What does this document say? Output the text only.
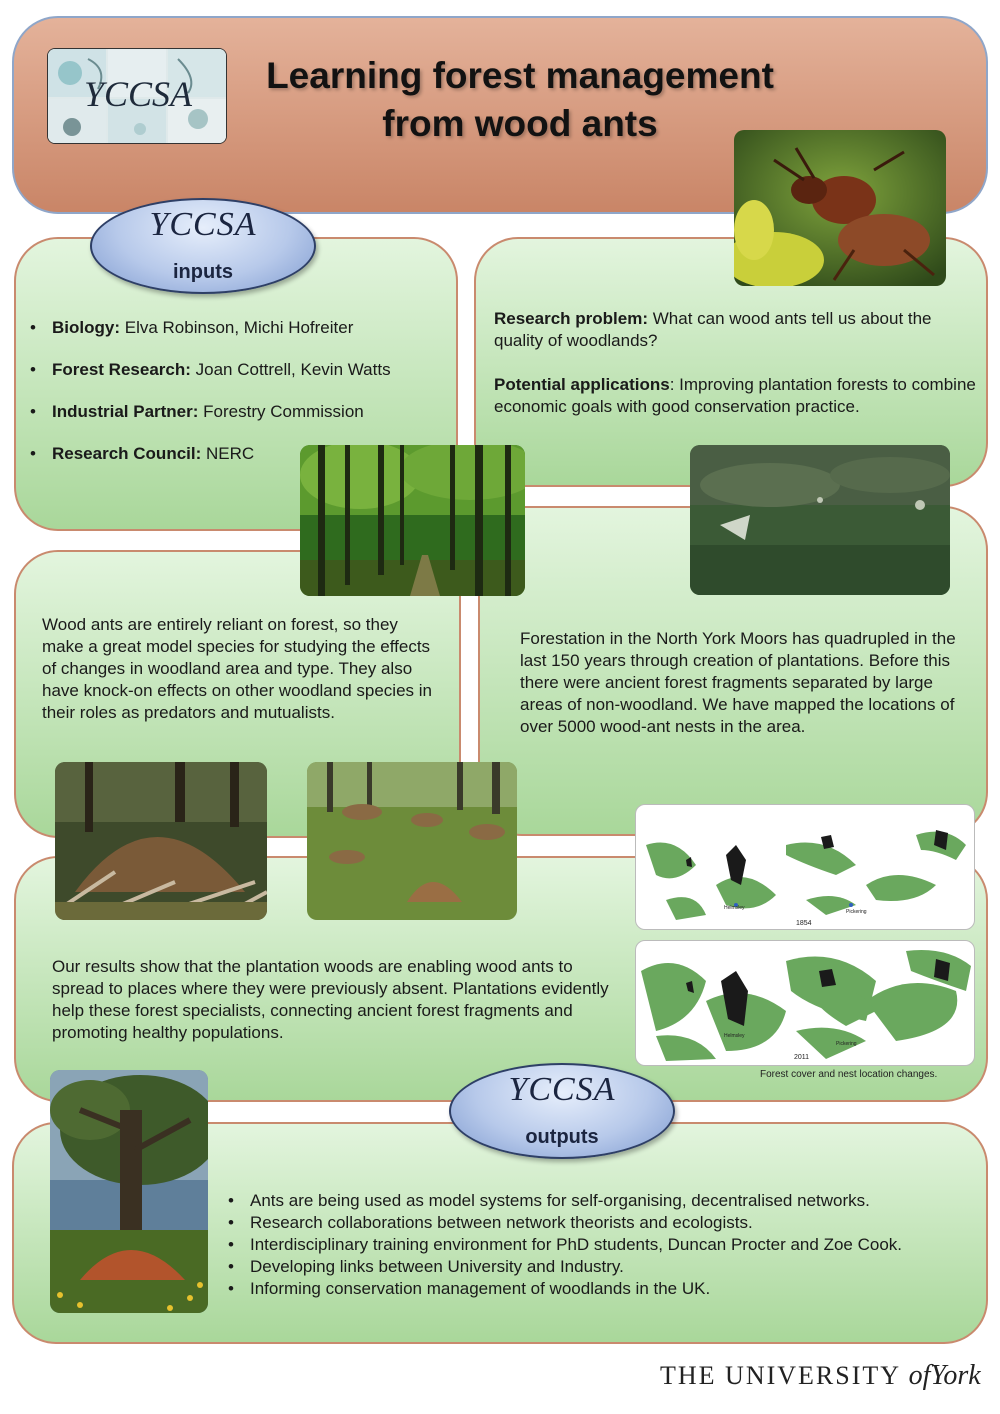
YCCSA	Learning forest management
from wood ants
YCCSA
inputs
• Biology: Elva Robinson, Michi Hofreiter
• Forest Research: Joan Cottrell, Kevin Watts
• Industrial Partner: Forestry Commission
• Research Council: NERC
Research problem: What can wood ants tell us about the quality of woodlands?
Potential applications: Improving plantation forests to combine economic goals with good conservation practice.
Wood ants are entirely reliant on forest, so they make a great model species for studying the effects of changes in woodland area and type. They also have knock-on effects on other woodland species in their roles as predators and mutualists.
Forestation in the North York Moors has quadrupled in the last 150 years through creation of plantations. Before this there were ancient forest fragments separated by large areas of non-woodland. We have mapped the locations of over 5000 wood-ant nests in the area.
Helmsley
Pickering
1854
Helmsley
Pickering
2011
Forest cover and nest location changes.
Our results show that the plantation woods are enabling wood ants to spread to places where they were previously absent. Plantations evidently help these forest specialists, connecting ancient forest fragments and promoting healthy populations.
YCCSA
outputs
• Ants are being used as model systems for self-organising, decentralised networks.
• Research collaborations between network theorists and ecologists.
• Interdisciplinary training environment for PhD students, Duncan Procter and Zoe Cook.
• Developing links between University and Industry.
• Informing conservation management of woodlands in the UK.
THE UNIVERSITY ofYork
